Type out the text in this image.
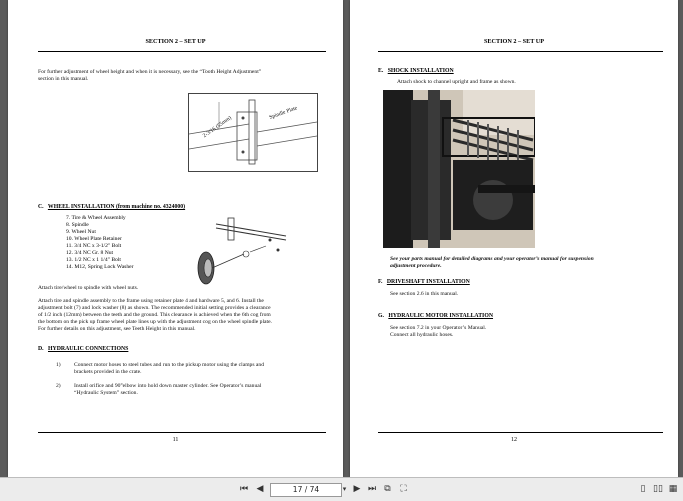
SECTION 2 – SET UP
For further adjustment of wheel height and when it is necessary, see the “Tooth Height Adjustment”
section in this manual.
2-3/16 (55mm)
Spindle Plate
C. WHEEL INSTALLATION (from machine no. 4324000)
7. Tire & Wheel Assembly
8. Spindle
9. Wheel Nut
10. Wheel Plate Retainer
11. 3/4 NC x 3-1/2" Bolt
12. 3/4 NC Gr. 8 Nut
13. 1/2 NC x 1 1/4" Bolt
14. M12, Spring Lock Washer
Attach tire/wheel to spindle with wheel nuts.
Attach tire and spindle assembly to the frame using retainer plate 4 and hardware 5, and 6. Install the
adjustment bolt (7) and lock washer (8) as shown. The recommended initial setting provides a clearance
of 1/2 inch (12mm) between the teeth and the ground. This clearance is achieved when the 6th cog from
the bottom on the pick up frame wheel plate lines up with the adjustment cog on the wheel spindle plate.
For further details on this adjustment, see Teeth Height in this manual.
D. HYDRAULIC CONNECTIONS
1) Connect motor hoses to steel tubes and run to the pickup motor using the clamps and
brackets provided in the crate.
2) Install orifice and 90°elbow into hold down master cylinder. See Operator’s manual
“Hydraulic System” section.
11
SECTION 2 – SET UP
E. SHOCK INSTALLATION
Attach shock to channel upright and frame as shown.
See your parts manual for detailed diagrams and your operator’s manual for suspension
adjustment procedure.
F. DRIVESHAFT INSTALLATION
See section 2.6 in this manual.
G. HYDRAULIC MOTOR INSTALLATION
See section 7.2 in your Operator’s Manual.
Connect all hydraulic hoses.
12
⏮ ◀	17 / 74	▾ ▶ ⏭ ⧉	⛶	▯ ▯▯ ▦
